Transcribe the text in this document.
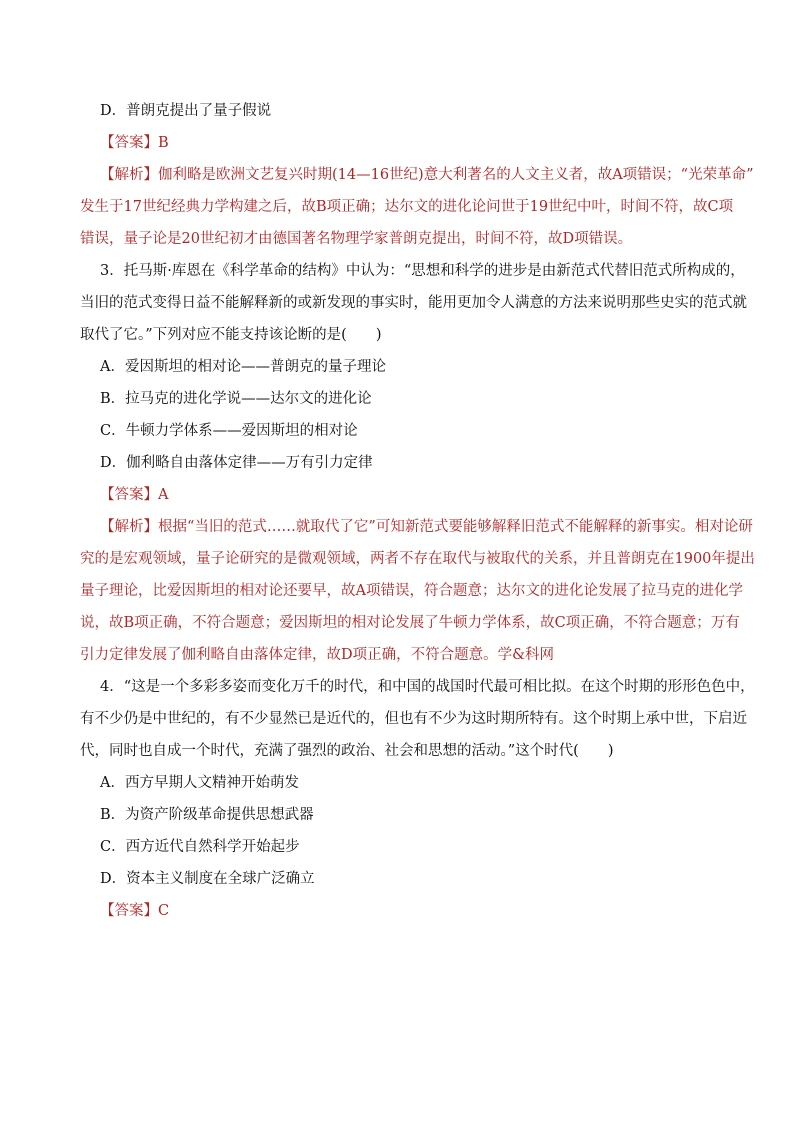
D．普朗克提出了量子假说
【答案】B
【解析】伽利略是欧洲文艺复兴时期(14—16世纪)意大利著名的人文主义者，故A项错误；“光荣革命”
发生于17世纪经典力学构建之后，故B项正确；达尔文的进化论问世于19世纪中叶，时间不符，故C项
错误，量子论是20世纪初才由德国著名物理学家普朗克提出，时间不符，故D项错误。
3．托马斯·库恩在《科学革命的结构》中认为：“思想和科学的进步是由新范式代替旧范式所构成的，
当旧的范式变得日益不能解释新的或新发现的事实时，能用更加令人满意的方法来说明那些史实的范式就
取代了它。”下列对应不能支持该论断的是(　　)
A．爱因斯坦的相对论——普朗克的量子理论
B．拉马克的进化学说——达尔文的进化论
C．牛顿力学体系——爱因斯坦的相对论
D．伽利略自由落体定律——万有引力定律
【答案】A
【解析】根据“当旧的范式……就取代了它”可知新范式要能够解释旧范式不能解释的新事实。相对论研
究的是宏观领域，量子论研究的是微观领域，两者不存在取代与被取代的关系，并且普朗克在1900年提出
量子理论，比爱因斯坦的相对论还要早，故A项错误，符合题意；达尔文的进化论发展了拉马克的进化学
说，故B项正确，不符合题意；爱因斯坦的相对论发展了牛顿力学体系，故C项正确，不符合题意；万有
引力定律发展了伽利略自由落体定律，故D项正确，不符合题意。学&科网
4．“这是一个多彩多姿而变化万千的时代，和中国的战国时代最可相比拟。在这个时期的形形色色中，
有不少仍是中世纪的，有不少显然已是近代的，但也有不少为这时期所特有。这个时期上承中世，下启近
代，同时也自成一个时代，充满了强烈的政治、社会和思想的活动。”这个时代(　　)
A．西方早期人文精神开始萌发
B．为资产阶级革命提供思想武器
C．西方近代自然科学开始起步
D．资本主义制度在全球广泛确立
【答案】C
